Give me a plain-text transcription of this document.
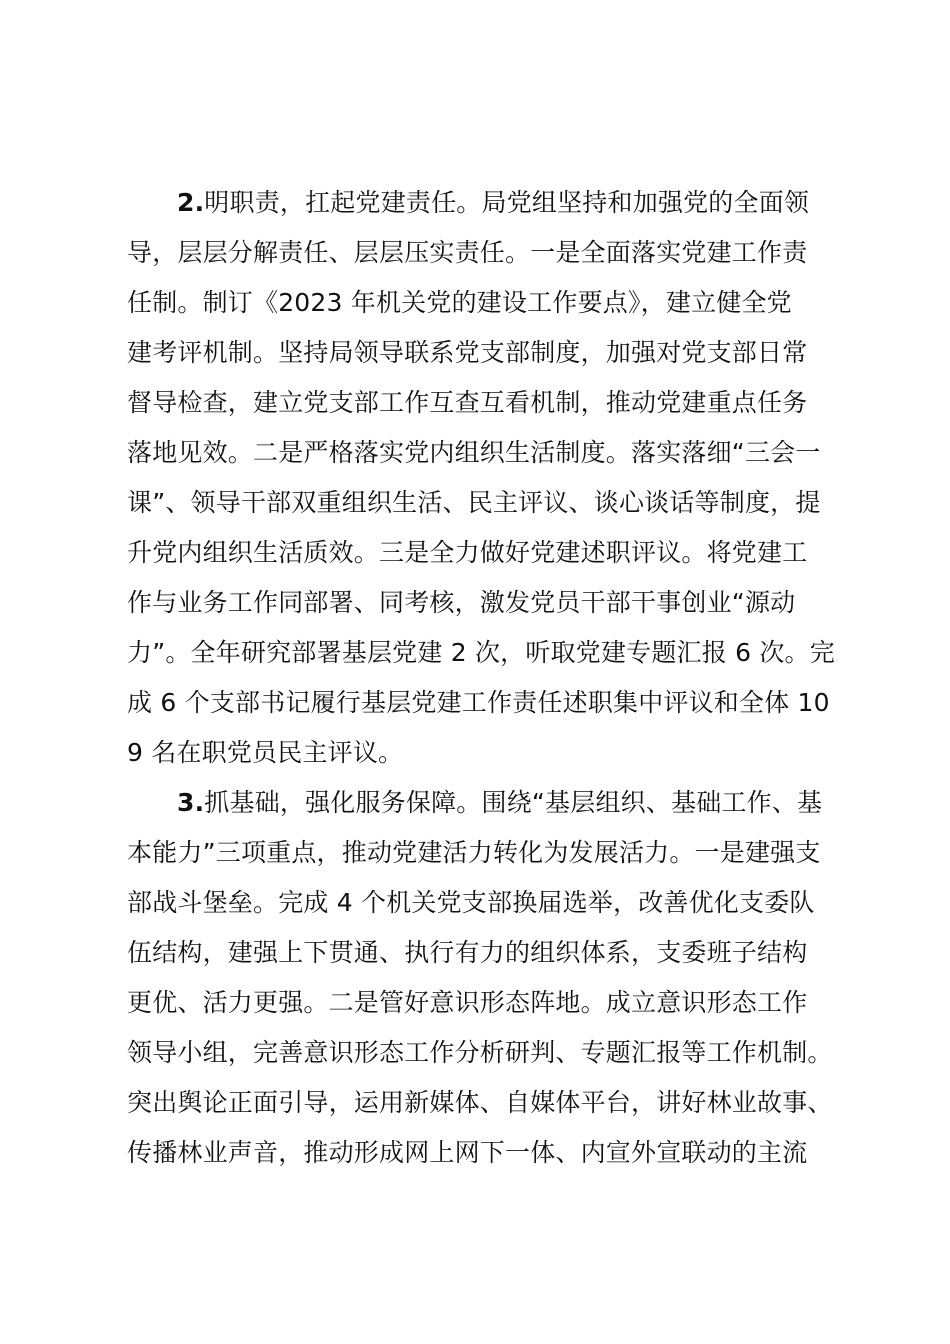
2.明职责，扛起党建责任。局党组坚持和加强党的全面领
导，层层分解责任、层层压实责任。一是全面落实党建工作责
任制。制订《2023 年机关党的建设工作要点》，建立健全党
建考评机制。坚持局领导联系党支部制度，加强对党支部日常
督导检查，建立党支部工作互查互看机制，推动党建重点任务
落地见效。二是严格落实党内组织生活制度。落实落细“三会一
课”、领导干部双重组织生活、民主评议、谈心谈话等制度，提
升党内组织生活质效。三是全力做好党建述职评议。将党建工
作与业务工作同部署、同考核，激发党员干部干事创业“源动
力”。全年研究部署基层党建 2 次，听取党建专题汇报 6 次。完
成 6 个支部书记履行基层党建工作责任述职集中评议和全体 10
9 名在职党员民主评议。
3.抓基础，强化服务保障。围绕“基层组织、基础工作、基
本能力”三项重点，推动党建活力转化为发展活力。一是建强支
部战斗堡垒。完成 4 个机关党支部换届选举，改善优化支委队
伍结构，建强上下贯通、执行有力的组织体系，支委班子结构
更优、活力更强。二是管好意识形态阵地。成立意识形态工作
领导小组，完善意识形态工作分析研判、专题汇报等工作机制。
突出舆论正面引导，运用新媒体、自媒体平台，讲好林业故事、
传播林业声音，推动形成网上网下一体、内宣外宣联动的主流
